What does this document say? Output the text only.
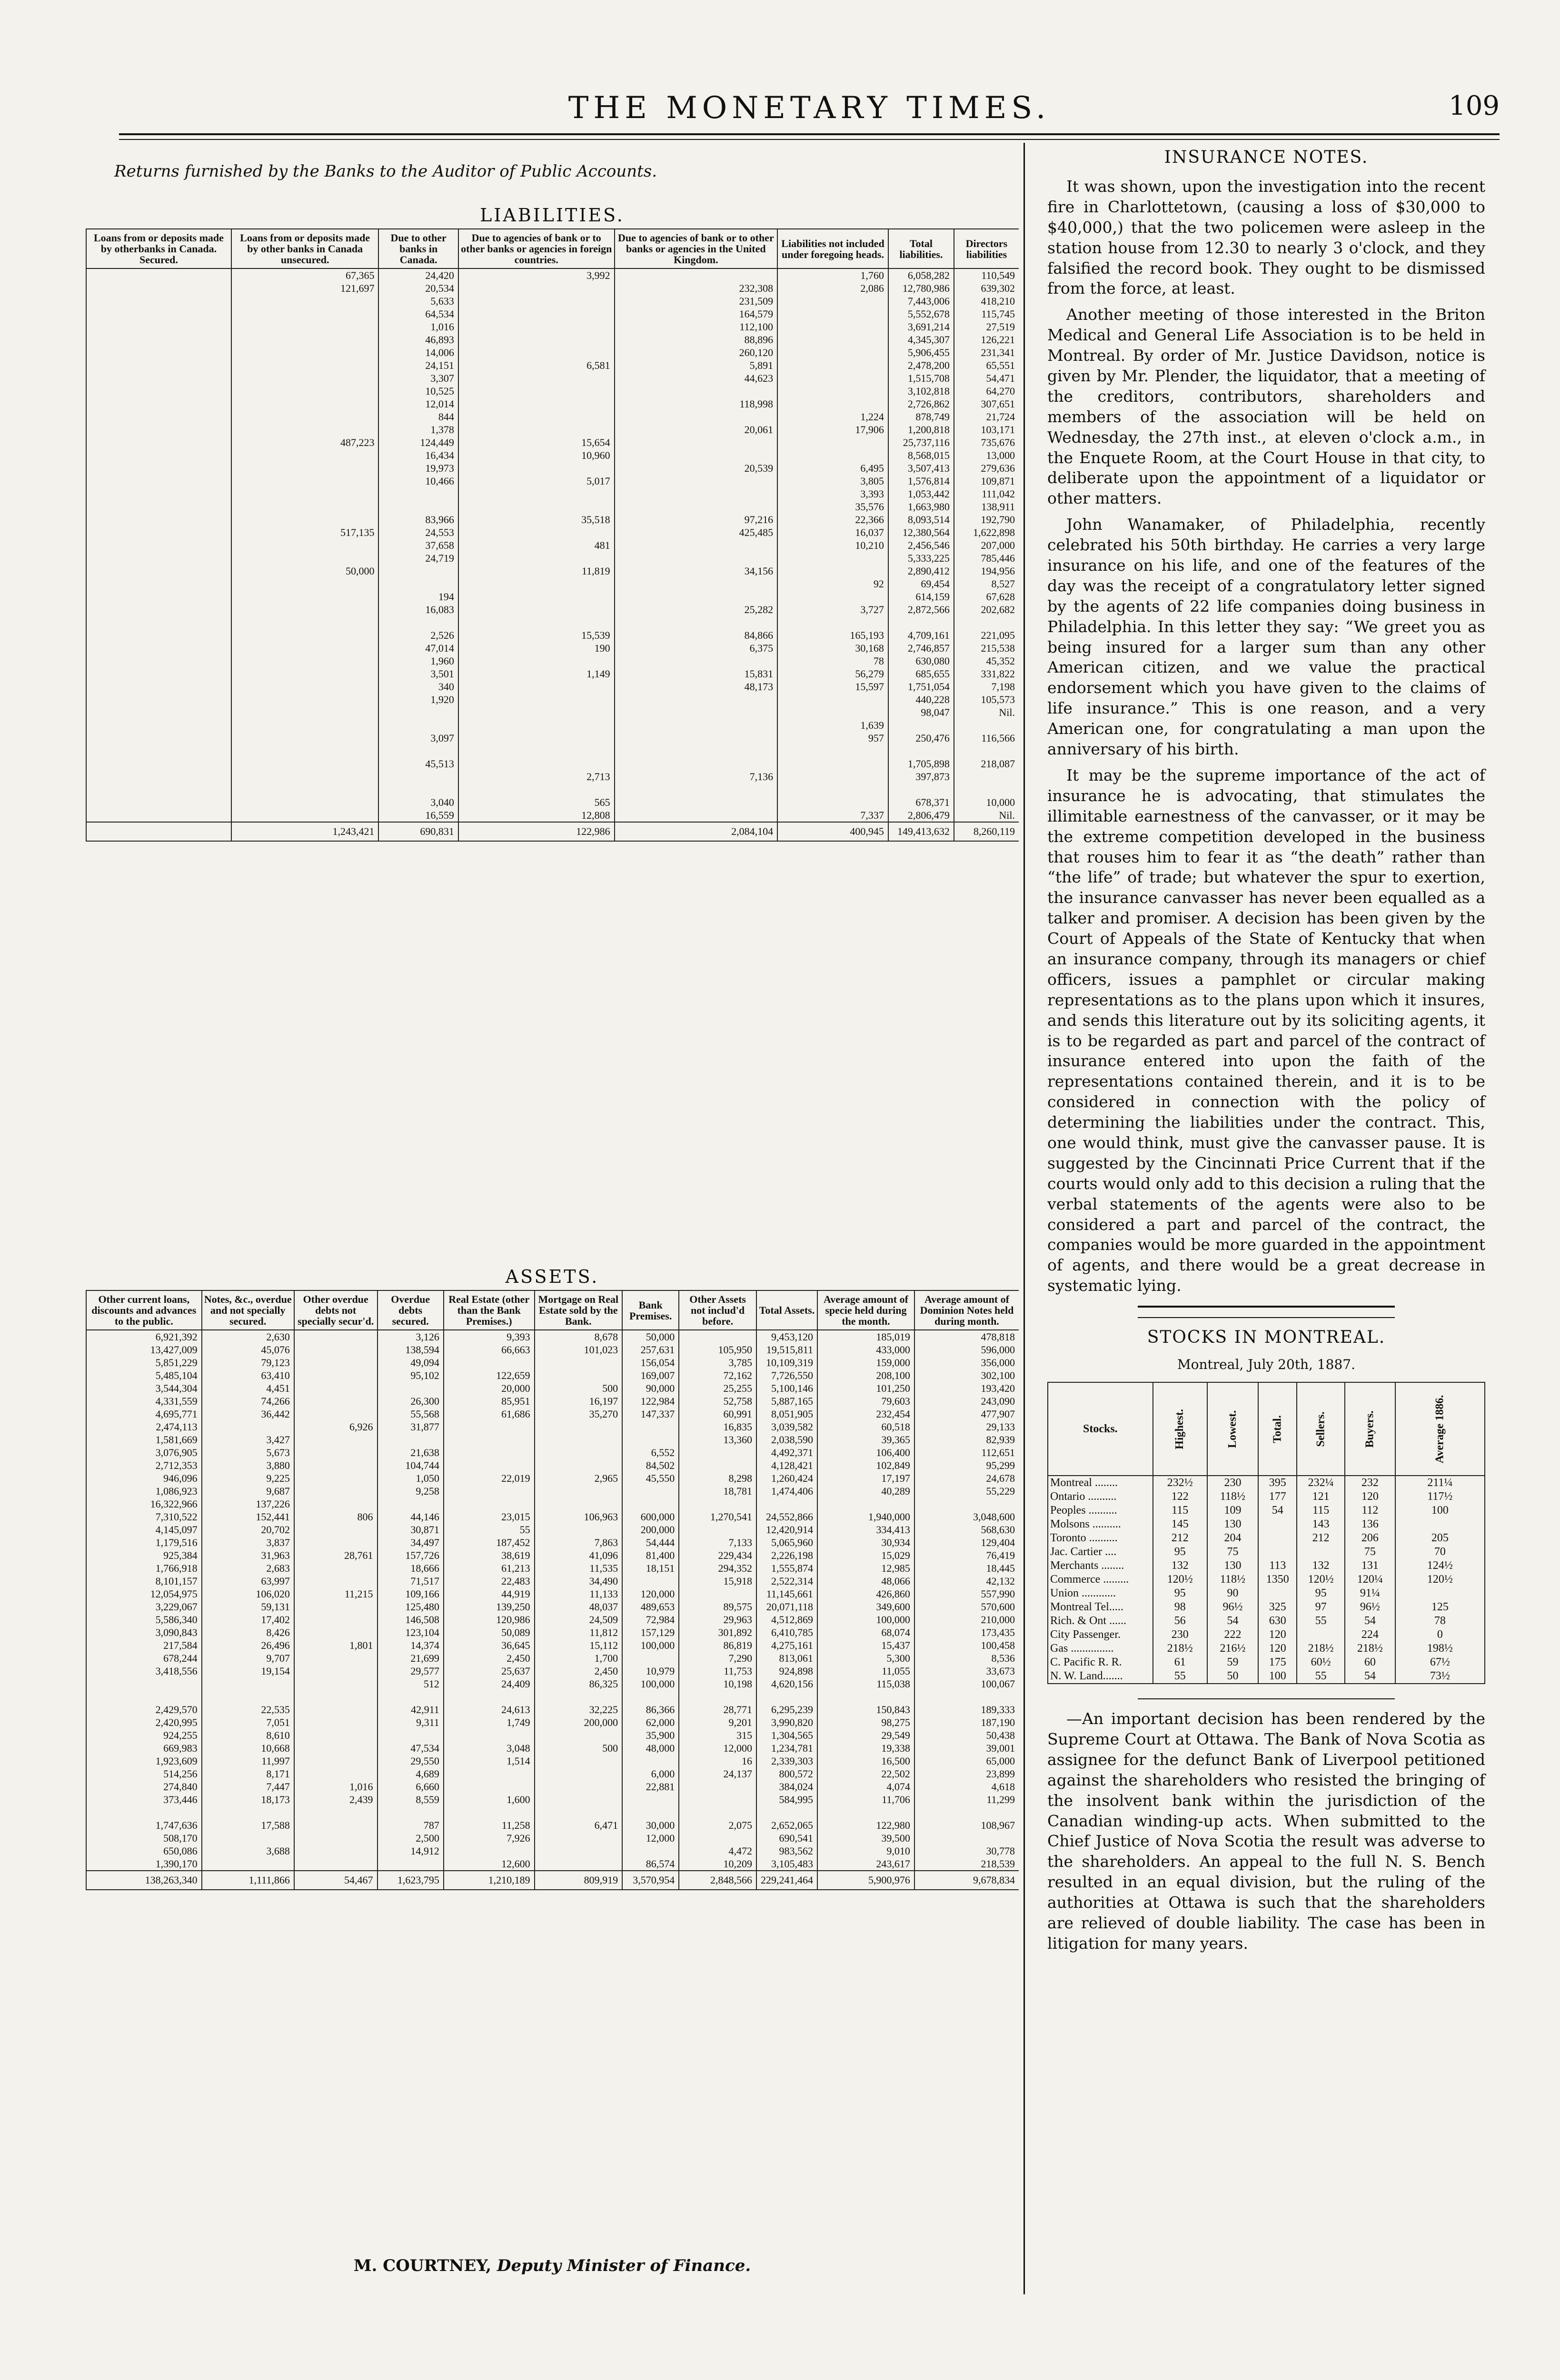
THE MONETARY TIMES.	109
Returns furnished by the Banks to the Auditor of Public Accounts.
LIABILITIES.
Loans from or deposits made by otherbanks in Canada. Secured.	Loans from or deposits made by other banks in Canada unsecured.	Due to other banks in Canada.	Due to agencies of bank or to other banks or agencies in foreign countries.	Due to agencies of bank or to other banks or agencies in the United Kingdom.	Liabilities not included under foregoing heads.	Total liabilities.	Directors liabilities
	67,365	24,420	3,992		1,760	6,058,282	110,549
	121,697	20,534		232,308	2,086	12,780,986	639,302
		5,633		231,509		7,443,006	418,210
		64,534		164,579		5,552,678	115,745
		1,016		112,100		3,691,214	27,519
		46,893		88,896		4,345,307	126,221
		14,006		260,120		5,906,455	231,341
		24,151	6,581	5,891		2,478,200	65,551
		3,307		44,623		1,515,708	54,471
		10,525				3,102,818	64,270
		12,014		118,998		2,726,862	307,651
		844			1,224	878,749	21,724
		1,378		20,061	17,906	1,200,818	103,171
	487,223	124,449	15,654			25,737,116	735,676
		16,434	10,960			8,568,015	13,000
		19,973		20,539	6,495	3,507,413	279,636
		10,466	5,017		3,805	1,576,814	109,871
					3,393	1,053,442	111,042
					35,576	1,663,980	138,911
		83,966	35,518	97,216	22,366	8,093,514	192,790
	517,135	24,553		425,485	16,037	12,380,564	1,622,898
		37,658	481		10,210	2,456,546	207,000
		24,719				5,333,225	785,446
	50,000		11,819	34,156		2,890,412	194,956
					92	69,454	8,527
		194				614,159	67,628
		16,083		25,282	3,727	2,872,566	202,682

		2,526	15,539	84,866	165,193	4,709,161	221,095
		47,014	190	6,375	30,168	2,746,857	215,538
		1,960			78	630,080	45,352
		3,501	1,149	15,831	56,279	685,655	331,822
		340		48,173	15,597	1,751,054	7,198
		1,920				440,228	105,573
						98,047	Nil.
					1,639		
		3,097			957	250,476	116,566

		45,513				1,705,898	218,087
			2,713	7,136		397,873	

		3,040	565			678,371	10,000
		16,559	12,808		7,337	2,806,479	Nil.
	1,243,421	690,831	122,986	2,084,104	400,945	149,413,632	8,260,119
ASSETS.
Other current loans, discounts and advances to the public.	Notes, &c., overdue and not specially secured.	Other overdue debts not specially secur'd.	Overdue debts secured.	Real Estate (other than the Bank Premises.)	Mortgage on Real Estate sold by the Bank.	Bank Premises.	Other Assets not includ'd before.	Total Assets.	Average amount of specie held during the month.	Average amount of Dominion Notes held during month.
6,921,392	2,630		3,126	9,393	8,678	50,000		9,453,120	185,019	478,818
13,427,009	45,076		138,594	66,663	101,023	257,631	105,950	19,515,811	433,000	596,000
5,851,229	79,123		49,094			156,054	3,785	10,109,319	159,000	356,000
5,485,104	63,410		95,102	122,659		169,007	72,162	7,726,550	208,100	302,100
3,544,304	4,451			20,000	500	90,000	25,255	5,100,146	101,250	193,420
4,331,559	74,266		26,300	85,951	16,197	122,984	52,758	5,887,165	79,603	243,090
4,695,771	36,442		55,568	61,686	35,270	147,337	60,991	8,051,905	232,454	477,907
2,474,113		6,926	31,877				16,835	3,039,582	60,518	29,133
1,581,669	3,427						13,360	2,038,590	39,365	82,939
3,076,905	5,673		21,638			6,552		4,492,371	106,400	112,651
2,712,353	3,880		104,744			84,502		4,128,421	102,849	95,299
946,096	9,225		1,050	22,019	2,965	45,550	8,298	1,260,424	17,197	24,678
1,086,923	9,687		9,258				18,781	1,474,406	40,289	55,229
16,322,966	137,226									
7,310,522	152,441	806	44,146	23,015	106,963	600,000	1,270,541	24,552,866	1,940,000	3,048,600
4,145,097	20,702		30,871	55		200,000		12,420,914	334,413	568,630
1,179,516	3,837		34,497	187,452	7,863	54,444	7,133	5,065,960	30,934	129,404
925,384	31,963	28,761	157,726	38,619	41,096	81,400	229,434	2,226,198	15,029	76,419
1,766,918	2,683		18,666	61,213	11,535	18,151	294,352	1,555,874	12,985	18,445
8,101,157	63,997		71,517	22,483	34,490		15,918	2,522,314	48,066	42,132
12,054,975	106,020	11,215	109,166	44,919	11,133	120,000		11,145,661	426,860	557,990
3,229,067	59,131		125,480	139,250	48,037	489,653	89,575	20,071,118	349,600	570,600
5,586,340	17,402		146,508	120,986	24,509	72,984	29,963	4,512,869	100,000	210,000
3,090,843	8,426		123,104	50,089	11,812	157,129	301,892	6,410,785	68,074	173,435
217,584	26,496	1,801	14,374	36,645	15,112	100,000	86,819	4,275,161	15,437	100,458
678,244	9,707		21,699	2,450	1,700		7,290	813,061	5,300	8,536
3,418,556	19,154		29,577	25,637	2,450	10,979	11,753	924,898	11,055	33,673
			512	24,409	86,325	100,000	10,198	4,620,156	115,038	100,067

2,429,570	22,535		42,911	24,613	32,225	86,366	28,771	6,295,239	150,843	189,333
2,420,995	7,051		9,311	1,749	200,000	62,000	9,201	3,990,820	98,275	187,190
924,255	8,610					35,900	315	1,304,565	29,549	50,438
669,983	10,668		47,534	3,048	500	48,000	12,000	1,234,781	19,338	39,001
1,923,609	11,997		29,550	1,514			16	2,339,303	16,500	65,000
514,256	8,171		4,689			6,000	24,137	800,572	22,502	23,899
274,840	7,447	1,016	6,660			22,881		384,024	4,074	4,618
373,446	18,173	2,439	8,559	1,600				584,995	11,706	11,299

1,747,636	17,588		787	11,258	6,471	30,000	2,075	2,652,065	122,980	108,967
508,170			2,500	7,926		12,000		690,541	39,500	
650,086	3,688		14,912				4,472	983,562	9,010	30,778
1,390,170				12,600		86,574	10,209	3,105,483	243,617	218,539
138,263,340	1,111,866	54,467	1,623,795	1,210,189	809,919	3,570,954	2,848,566	229,241,464	5,900,976	9,678,834
M. COURTNEY, Deputy Minister of Finance.
INSURANCE NOTES.

It was shown, upon the investigation into the recent fire in Charlottetown, (causing a loss of $30,000 to $40,000,) that the two policemen were asleep in the station house from 12.30 to nearly 3 o'clock, and they falsified the record book. They ought to be dismissed from the force, at least.

Another meeting of those interested in the Briton Medical and General Life Association is to be held in Montreal. By order of Mr. Justice Davidson, notice is given by Mr. Plender, the liquidator, that a meeting of the creditors, contributors, shareholders and members of the association will be held on Wednesday, the 27th inst., at eleven o'clock a.m., in the Enquete Room, at the Court House in that city, to deliberate upon the appointment of a liquidator or other matters.

John Wanamaker, of Philadelphia, recently celebrated his 50th birthday. He carries a very large insurance on his life, and one of the features of the day was the receipt of a congratulatory letter signed by the agents of 22 life companies doing business in Philadelphia. In this letter they say: “We greet you as being insured for a larger sum than any other American citizen, and we value the practical endorsement which you have given to the claims of life insurance.” This is one reason, and a very American one, for congratulating a man upon the anniversary of his birth.

It may be the supreme importance of the act of insurance he is advocating, that stimulates the illimitable earnestness of the canvasser, or it may be the extreme competition developed in the business that rouses him to fear it as “the death” rather than “the life” of trade; but whatever the spur to exertion, the insurance canvasser has never been equalled as a talker and promiser. A decision has been given by the Court of Appeals of the State of Kentucky that when an insurance company, through its managers or chief officers, issues a pamphlet or circular making representations as to the plans upon which it insures, and sends this literature out by its soliciting agents, it is to be regarded as part and parcel of the contract of insurance entered into upon the faith of the representations contained therein, and it is to be considered in connection with the policy of determining the liabilities under the contract. This, one would think, must give the canvasser pause. It is suggested by the Cincinnati Price Current that if the courts would only add to this decision a ruling that the verbal statements of the agents were also to be considered a part and parcel of the contract, the companies would be more guarded in the appointment of agents, and there would be a great decrease in systematic lying.

STOCKS IN MONTREAL.
Montreal, July 20th, 1887.
Stocks.	Highest.	Lowest.	Total.	Sellers.	Buyers.	Average 1886.
Montreal ........	232½	230	395	232¼	232	211¼
Ontario ..........	122	118½	177	121	120	117½
Peoples ..........	115	109	54	115	112	100
Molsons ..........	145	130		143	136	
Toronto ..........	212	204		212	206	205
Jac. Cartier ....	95	75			75	70
Merchants ........	132	130	113	132	131	124½
Commerce .........	120½	118½	1350	120½	120¼	120½
Union ............	95	90		95	91¼	
Montreal Tel.....	98	96½	325	97	96½	125
Rich. & Ont ......	56	54	630	55	54	78
City Passenger.	230	222	120		224	0
Gas ...............	218½	216½	120	218½	218½	198½
C. Pacific R. R.	61	59	175	60½	60	67½
N. W. Land.......	55	50	100	55	54	73½

—An important decision has been rendered by the Supreme Court at Ottawa. The Bank of Nova Scotia as assignee for the defunct Bank of Liverpool petitioned against the shareholders who resisted the bringing of the insolvent bank within the jurisdiction of the Canadian winding-up acts. When submitted to the Chief Justice of Nova Scotia the result was adverse to the shareholders. An appeal to the full N. S. Bench resulted in an equal division, but the ruling of the authorities at Ottawa is such that the shareholders are relieved of double liability. The case has been in litigation for many years.
